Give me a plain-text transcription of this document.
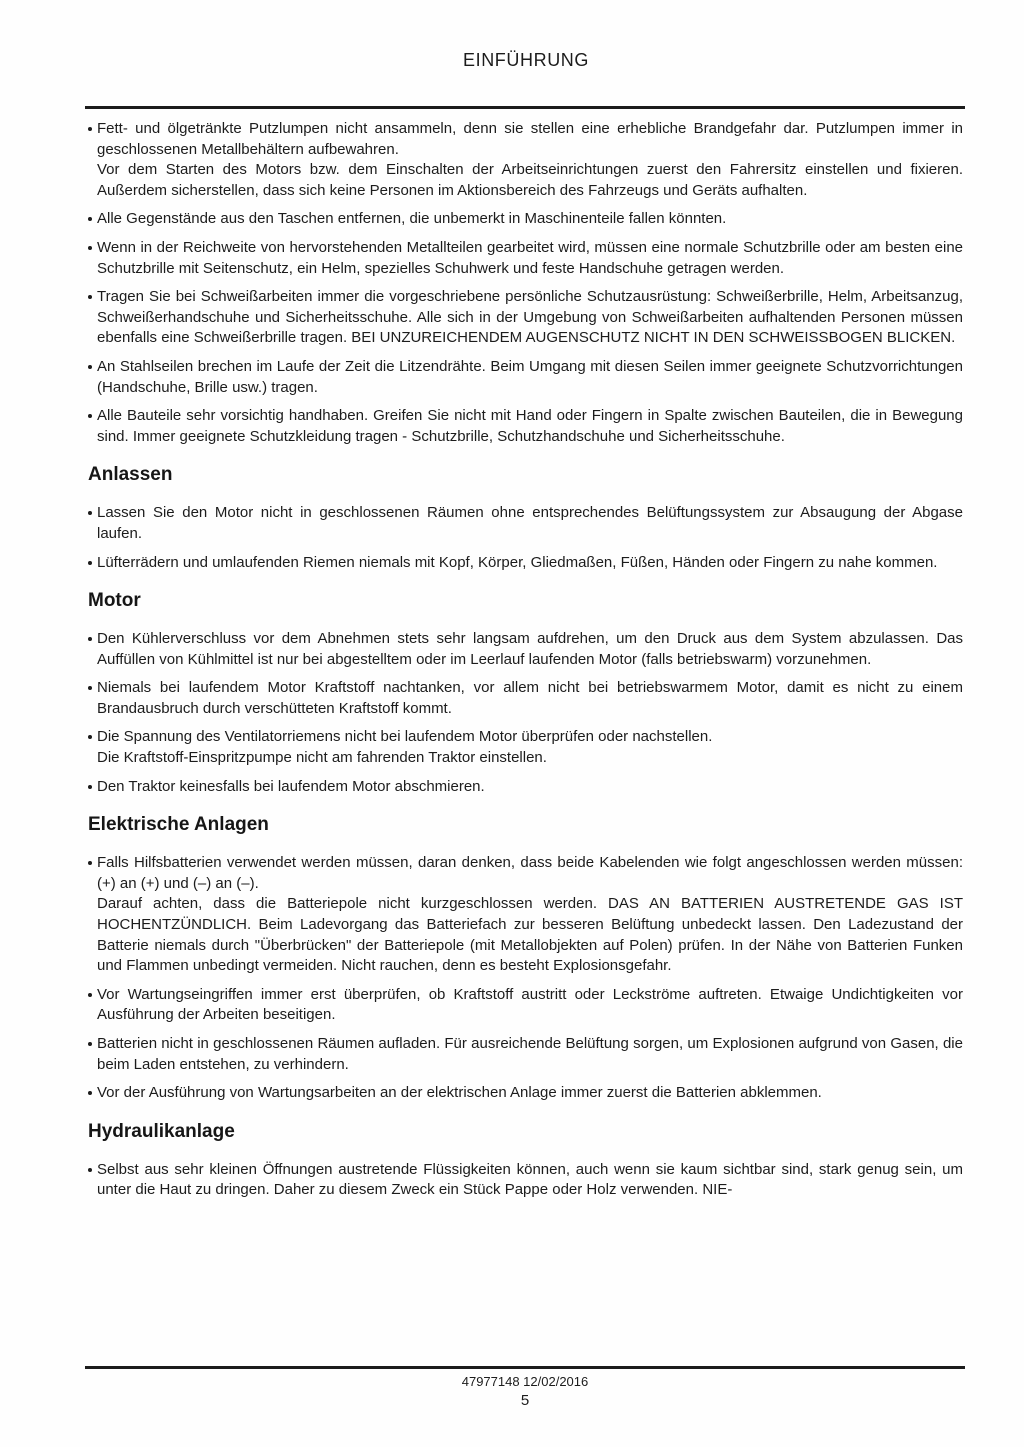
EINFÜHRUNG
Fett- und ölgetränkte Putzlumpen nicht ansammeln, denn sie stellen eine erhebliche Brandgefahr dar. Putzlumpen immer in geschlossenen Metallbehältern aufbewahren.
Vor dem Starten des Motors bzw. dem Einschalten der Arbeitseinrichtungen zuerst den Fahrersitz einstellen und fixieren. Außerdem sicherstellen, dass sich keine Personen im Aktionsbereich des Fahrzeugs und Geräts aufhalten.
Alle Gegenstände aus den Taschen entfernen, die unbemerkt in Maschinenteile fallen könnten.
Wenn in der Reichweite von hervorstehenden Metallteilen gearbeitet wird, müssen eine normale Schutzbrille oder am besten eine Schutzbrille mit Seitenschutz, ein Helm, spezielles Schuhwerk und feste Handschuhe getragen werden.
Tragen Sie bei Schweißarbeiten immer die vorgeschriebene persönliche Schutzausrüstung: Schweißerbrille, Helm, Arbeitsanzug, Schweißerhandschuhe und Sicherheitsschuhe. Alle sich in der Umgebung von Schweißarbeiten aufhaltenden Personen müssen ebenfalls eine Schweißerbrille tragen. BEI UNZUREICHENDEM AUGENSCHUTZ NICHT IN DEN SCHWEISSBOGEN BLICKEN.
An Stahlseilen brechen im Laufe der Zeit die Litzendrähte. Beim Umgang mit diesen Seilen immer geeignete Schutzvorrichtungen (Handschuhe, Brille usw.) tragen.
Alle Bauteile sehr vorsichtig handhaben. Greifen Sie nicht mit Hand oder Fingern in Spalte zwischen Bauteilen, die in Bewegung sind. Immer geeignete Schutzkleidung tragen - Schutzbrille, Schutzhandschuhe und Sicherheitsschuhe.
Anlassen
Lassen Sie den Motor nicht in geschlossenen Räumen ohne entsprechendes Belüftungssystem zur Absaugung der Abgase laufen.
Lüfterrädern und umlaufenden Riemen niemals mit Kopf, Körper, Gliedmaßen, Füßen, Händen oder Fingern zu nahe kommen.
Motor
Den Kühlerverschluss vor dem Abnehmen stets sehr langsam aufdrehen, um den Druck aus dem System abzulassen. Das Auffüllen von Kühlmittel ist nur bei abgestelltem oder im Leerlauf laufenden Motor (falls betriebswarm) vorzunehmen.
Niemals bei laufendem Motor Kraftstoff nachtanken, vor allem nicht bei betriebswarmem Motor, damit es nicht zu einem Brandausbruch durch verschütteten Kraftstoff kommt.
Die Spannung des Ventilatorriemens nicht bei laufendem Motor überprüfen oder nachstellen.
Die Kraftstoff-Einspritzpumpe nicht am fahrenden Traktor einstellen.
Den Traktor keinesfalls bei laufendem Motor abschmieren.
Elektrische Anlagen
Falls Hilfsbatterien verwendet werden müssen, daran denken, dass beide Kabelenden wie folgt angeschlossen werden müssen: (+) an (+) und (–) an (–).
Darauf achten, dass die Batteriepole nicht kurzgeschlossen werden. DAS AN BATTERIEN AUSTRETENDE GAS IST HOCHENTZÜNDLICH. Beim Ladevorgang das Batteriefach zur besseren Belüftung unbedeckt lassen. Den Ladezustand der Batterie niemals durch "Überbrücken" der Batteriepole (mit Metallobjekten auf Polen) prüfen. In der Nähe von Batterien Funken und Flammen unbedingt vermeiden. Nicht rauchen, denn es besteht Explosionsgefahr.
Vor Wartungseingriffen immer erst überprüfen, ob Kraftstoff austritt oder Leckströme auftreten. Etwaige Undichtigkeiten vor Ausführung der Arbeiten beseitigen.
Batterien nicht in geschlossenen Räumen aufladen. Für ausreichende Belüftung sorgen, um Explosionen aufgrund von Gasen, die beim Laden entstehen, zu verhindern.
Vor der Ausführung von Wartungsarbeiten an der elektrischen Anlage immer zuerst die Batterien abklemmen.
Hydraulikanlage
Selbst aus sehr kleinen Öffnungen austretende Flüssigkeiten können, auch wenn sie kaum sichtbar sind, stark genug sein, um unter die Haut zu dringen. Daher zu diesem Zweck ein Stück Pappe oder Holz verwenden. NIE-
47977148 12/02/2016
5
